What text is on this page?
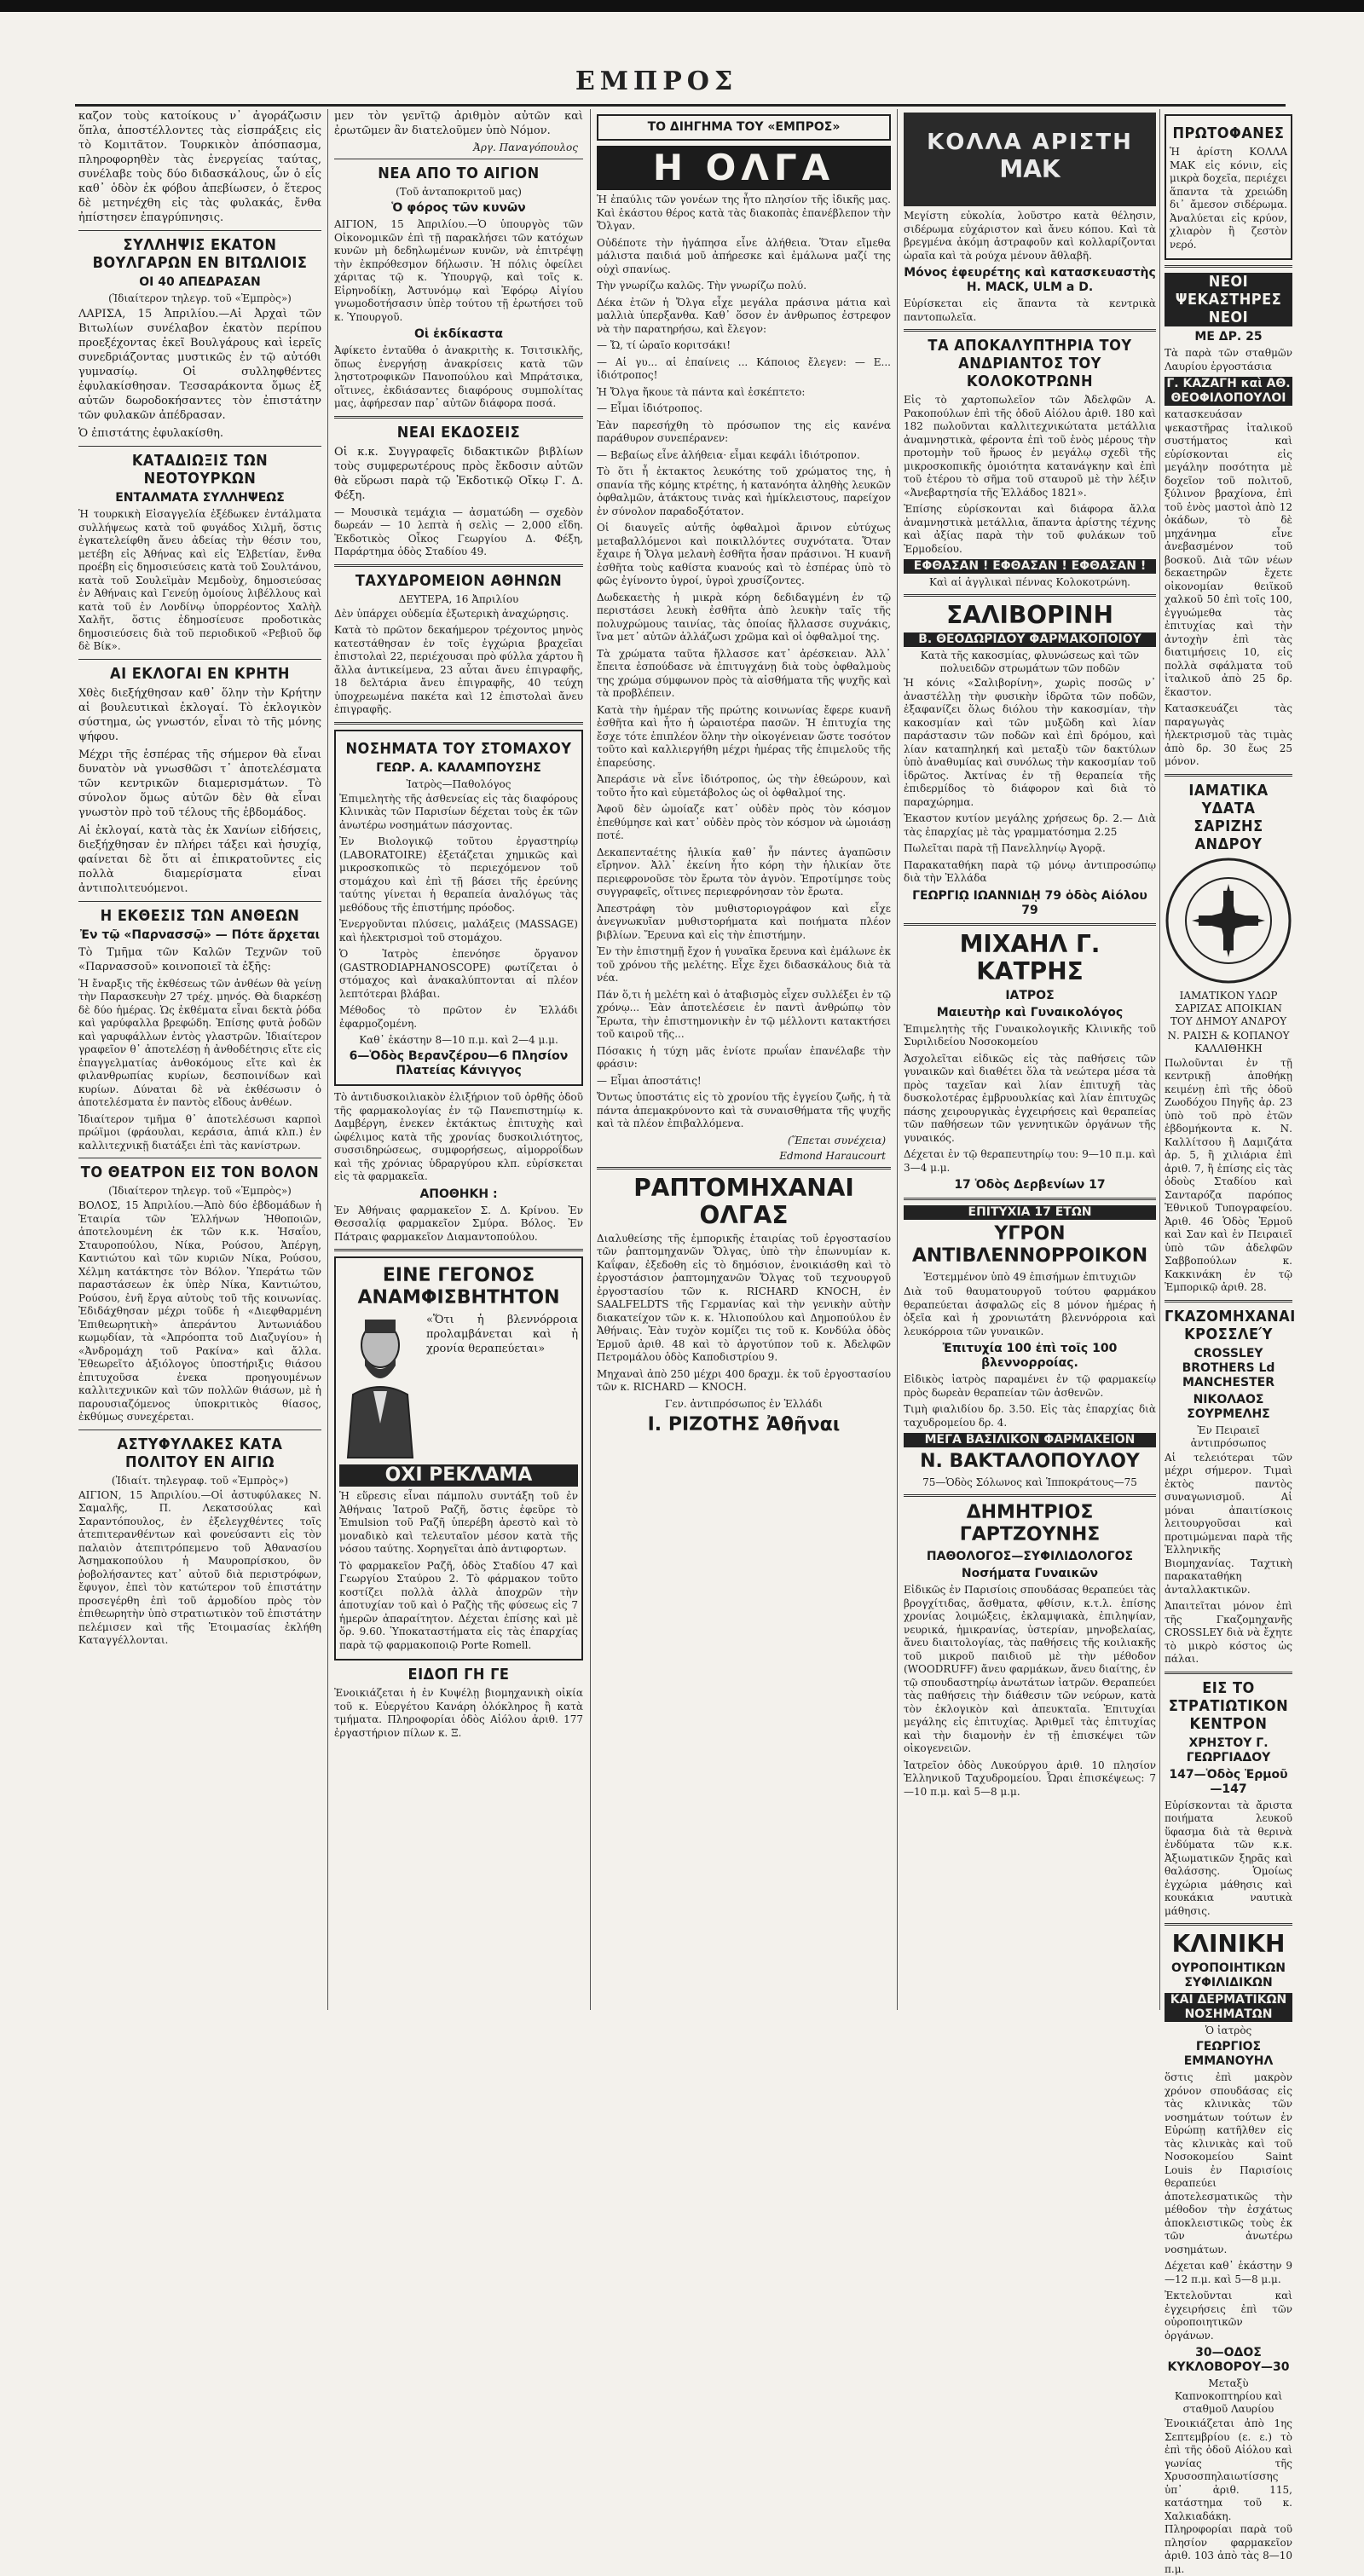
ΕΜΠΡΟΣ

καζον τοὺς κατοίκους ν᾽ ἀγοράζωσιν ὅπλα, ἀποστέλλοντες τὰς εἰσπράξεις εἰς τὸ Κομιτᾶτον. Τουρκικὸν ἀπόσπασμα, πληροφορηθὲν τὰς ἐνεργείας ταύτας, συνέλαβε τοὺς δύο διδασκάλους, ὧν ὁ εἷς καθ᾽ ὁδὸν ἐκ φόβου ἀπεβίωσεν, ὁ ἕτερος δὲ μετηνέχθη εἰς τὰς φυλακάς, ἔνθα ἠπίστησεν ἐπαγρύπνησις.

ΣΥΛΛΗΨΙΣ ΕΚΑΤΟΝ ΒΟΥΛΓΑΡΩΝ ΕΝ ΒΙΤΩΛΙΟΙΣ
ΟΙ 40 ΑΠΕΔΡΑΣΑΝ
(Ἰδιαίτερον τηλεγρ. τοῦ «Ἐμπρὸς»)

ΛΑΡΙΣΑ, 15 Ἀπριλίου.—Αἱ Ἀρχαὶ τῶν Βιτωλίων συνέλαβον ἑκατὸν περίπου προεξέχοντας ἐκεῖ Βουλγάρους καὶ ἱερεῖς συνεδριάζοντας μυστικῶς ἐν τῷ αὐτόθι γυμνασίῳ. Οἱ συλληφθέντες ἐφυλακίσθησαν. Τεσσαράκοντα ὅμως ἐξ αὐτῶν δωροδοκήσαντες τὸν ἐπιστάτην τῶν φυλακῶν ἀπέδρασαν.

Ὁ ἐπιστάτης ἐφυλακίσθη.

ΚΑΤΑΔΙΩΞΙΣ ΤΩΝ ΝΕΟΤΟΥΡΚΩΝ
ΕΝΤΑΛΜΑΤΑ ΣΥΛΛΗΨΕΩΣ

Ἡ τουρκικὴ Εἰσαγγελία ἐξέδωκεν ἐντάλματα συλλήψεως κατὰ τοῦ φυγάδος Χιλμῆ, ὅστις ἐγκατελείφθη ἄνευ ἀδείας τὴν θέσιν του, μετέβη εἰς Ἀθήνας καὶ εἰς Ἑλβετίαν, ἔνθα προέβη εἰς δημοσιεύσεις κατὰ τοῦ Σουλτάνου, κατὰ τοῦ Σουλεϊμὰν Μεμδοὺχ, δημοσιεύσας ἐν Ἀθήναις καὶ Γενεύῃ ὁμοίους λιβέλλους καὶ κατὰ τοῦ ἐν Λονδίνῳ ὑπορρέοντος Χαλὴλ Χαλῆτ, ὅστις ἐδημοσίευσε προδοτικὰς δημοσιεύσεις διὰ τοῦ περιοδικοῦ «Ρεβιοῦ ὅφ δὲ Βίκ».

ΑΙ ΕΚΛΟΓΑΙ ΕΝ ΚΡΗΤΗ

Χθὲς διεξήχθησαν καθ᾽ ὅλην τὴν Κρήτην αἱ βουλευτικαὶ ἐκλογαί. Τὸ ἐκλογικὸν σύστημα, ὡς γνωστόν, εἶναι τὸ τῆς μόνης ψήφου.

Μέχρι τῆς ἑσπέρας τῆς σήμερον θὰ εἶναι δυνατὸν νὰ γνωσθῶσι τ᾽ ἀποτελέσματα τῶν κεντρικῶν διαμερισμάτων. Τὸ σύνολον ὅμως αὐτῶν δὲν θὰ εἶναι γνωστὸν πρὸ τοῦ τέλους τῆς ἑβδομάδος.

Αἱ ἐκλογαί, κατὰ τὰς ἐκ Χανίων εἰδήσεις, διεξήχθησαν ἐν πλήρει τάξει καὶ ἡσυχίᾳ, φαίνεται δὲ ὅτι αἱ ἐπικρατοῦντες εἰς πολλὰ διαμερίσματα εἶναι ἀντιπολιτευόμενοι.

Η ΕΚΘΕΣΙΣ ΤΩΝ ΑΝΘΕΩΝ
Ἐν τῷ «Παρνασσῷ» — Πότε ἄρχεται

Τὸ Τμῆμα τῶν Καλῶν Τεχνῶν τοῦ «Παρνασσοῦ» κοινοποιεῖ τὰ ἑξῆς:

Ἡ ἔναρξις τῆς ἐκθέσεως τῶν ἀνθέων θὰ γείνῃ τὴν Παρασκευὴν 27 τρέχ. μηνός. Θὰ διαρκέσῃ δὲ δύο ἡμέρας. Ὡς ἐκθέματα εἶναι δεκτὰ ῥόδα καὶ γαρύφαλλα βρεφώδη. Ἐπίσης φυτὰ ῥοδῶν καὶ γαρυφάλλων ἐντὸς γλαστρῶν. Ἰδιαίτερον γραφεῖον θ᾽ ἀποτελέσῃ ἡ ἀνθοδέτησις εἴτε εἰς ἐπαγγελματίας ἀνθοκόμους εἴτε καὶ ἐκ φιλανθρωπίας κυρίων, δεσποινίδων καὶ κυρίων. Δύναται δὲ νὰ ἐκθέσωσιν ὁ ἀποτελέσματα ἐν παντὸς εἴδους ἀνθέων.

Ἰδιαίτερον τμῆμα θ᾽ ἀποτελέσωσι καρποὶ πρώϊμοι (φράουλαι, κεράσια, ἀπιά κλπ.) ἐν καλλιτεχνικῇ διατάξει ἐπὶ τὰς κανίστρων.

ΤΟ ΘΕΑΤΡΟΝ ΕΙΣ ΤΟΝ ΒΟΛΟΝ
(Ἰδιαίτερον τηλεγρ. τοῦ «Ἐμπρὸς»)

ΒΟΛΟΣ, 15 Ἀπριλίου.—Ἀπὸ δύο ἑβδομάδων ἡ Ἑταιρία τῶν Ἑλλήνων Ἠθοποιῶν, ἀποτελουμένη ἐκ τῶν κ.κ. Ἠσαΐου, Σταυροπούλου, Νίκα, Ρούσου, Ἀπέργη, Καντιώτου καὶ τῶν κυριῶν Νίκα, Ρούσου, Χέλμη κατάκτησε τὸν Βόλον. Ὑπεράτω τῶν παραστάσεων ἐκ ὑπὲρ Νίκα, Καντιώτου, Ρούσου, ἐνῆ ἔργα αὐτοὺς τοῦ τῆς κοινωνίας. Ἐδιδάχθησαν μέχρι τοῦδε ἡ «Διεφθαρμένη Ἐπιθεωρητικὴ» ἀπεράντου Ἀντωνιάδου κωμῳδίαν, τὰ «Ἀπρόοπτα τοῦ Διαζυγίου» ἡ «Ἀνδρομάχη τοῦ Ρακίνα» καὶ ἄλλα. Ἐθεωρεῖτο ἀξιόλογος ὑποστήριξις θιάσου ἐπιτυχοῦσα ἐνεκα προηγουμένων καλλιτεχνικῶν καὶ τῶν πολλῶν θιάσων, μὲ ἡ παρουσιαζόμενος ὑποκριτικὸς θίασος, ἐκθύμως συνεχέρεται.

ΑΣΤΥΦΥΛΑΚΕΣ ΚΑΤΑ ΠΟΛΙΤΟΥ ΕΝ ΑΙΓΙΩ
(Ἰδιαίτ. τηλεγραφ. τοῦ «Ἐμπρὸς»)

ΑΙΓΙΟΝ, 15 Ἀπριλίου.—Οἱ ἀστυφύλακες Ν. Σαμαλῆς, Π. Λεκατσούλας καὶ Σαραντόπουλος, ἐν ἐξελεγχθέντες τοῖς ἀτεπιτερανθέντων καὶ φονεύσαντι εἰς τὸν παλαιὸν ἀτεπιτρόπεμενο τοῦ Ἀθανασίου Ἀσημακοπούλου ἡ Μαυροπρίσκου, ὃν ῥοβολήσαντες κατ᾽ αὐτοῦ διὰ περιστρόφων, ἔφυγον, ἐπεὶ τὸν κατώτερον τοῦ ἐπιστάτην προσεγέρθη ἐπὶ τοῦ ἀρμοδίου πρὸς τὸν ἐπιθεωρητὴν ὑπὸ στρατιωτικὸν τοῦ ἐπιστάτην πελέμισεν καὶ τῆς Ἑτοιμασίας ἐκλήθη Καταγγέλλονται.

μεν τὸν γενῖτῷ ἀριθμὸν αὐτῶν καὶ ἐρωτῶμεν ἂν διατελοῦμεν ὑπὸ Νόμον.

Ἀργ. Παναγόπουλος
ΝΕΑ ΑΠΟ ΤΟ ΑΙΓΙΟΝ
(Τοῦ ἀνταποκριτοῦ μας)
Ὁ φόρος τῶν κυνῶν

ΑΙΓΙΟΝ, 15 Ἀπριλίου.—Ὁ ὑπουργὸς τῶν Οἰκονομικῶν ἐπὶ τῇ παρακλήσει τῶν κατόχων κυνῶν μὴ δεδηλωμένων κυνῶν, νὰ ἐπιτρέψῃ τὴν ἐκπρόθεσμον δήλωσιν. Ἡ πόλις ὀφείλει χάριτας τῷ κ. Ὑπουργῷ, καὶ τοῖς κ. Εἰρηνοδίκῃ, Ἀστυνόμῳ καὶ Ἐφόρῳ Αἰγίου γνωμοδοτήσασιν ὑπὲρ τούτου τῇ ἐρωτήσει τοῦ κ. Ὑπουργοῦ.

Οἱ ἐκδίκαστα

Ἀφίκετο ἐνταῦθα ὁ ἀνακριτὴς κ. Τσιτσικλῆς, ὅπως ἐνεργήσῃ ἀνακρίσεις κατὰ τῶν ληστοτροφικῶν Πανοπούλου καὶ Μπράτσικα, οἵτινες, ἐκδιάσαντες διαφόρους συμπολίτας μας, ἀφήρεσαν παρ᾽ αὐτῶν διάφορα ποσά.

ΝΕΑΙ ΕΚΔΟΣΕΙΣ

Οἱ κ.κ. Συγγραφεῖς διδακτικῶν βιβλίων τοὺς συμφερωτέρους πρὸς ἔκδοσιν αὐτῶν θὰ εὕρωσι παρὰ τῷ Ἐκδοτικῷ Οἴκῳ Γ. Δ. Φέξη.

— Μουσικὰ τεμάχια — ἀσματώδη — σχεδὸν δωρεάν — 10 λεπτὰ ἡ σελὶς — 2,000 εἴδη. Ἐκδοτικὸς Οἶκος Γεωργίου Δ. Φέξη, Παράρτημα ὁδὸς Σταδίου 49.

ΤΑΧΥΔΡΟΜΕΙΟΝ ΑΘΗΝΩΝ
ΔΕΥΤΕΡΑ, 16 Ἀπριλίου

Δὲν ὑπάρχει οὐδεμία ἐξωτερικὴ ἀναχώρησις.

Κατὰ τὸ πρῶτον δεκαήμερον τρέχοντος μηνὸς κατεστάθησαν ἐν τοῖς ἐγχώρια βραχεῖαι ἐπιστολαὶ 22, περιέχουσαι πρὸ φύλλα χάρτου ἢ ἄλλα ἀντικείμενα, 23 αὗται ἄνευ ἐπιγραφῆς, 18 δελτάρια ἄνευ ἐπιγραφῆς, 40 τεύχη ὑποχρεωμένα πακέτα καὶ 12 ἐπιστολαὶ ἄνευ ἐπιγραφῆς.

ΝΟΣΗΜΑΤΑ ΤΟΥ ΣΤΟΜΑΧΟΥ
ΓΕΩΡ. Α. ΚΑΛΑΜΠΟΥΣΗΣ
Ἰατρὸς—Παθολόγος

Ἐπιμελητὴς τῆς ἀσθενείας εἰς τὰς διαφόρους Κλινικὰς τῶν Παρισίων δέχεται τοὺς ἐκ τῶν ἀνωτέρω νοσημάτων πάσχοντας.

Ἐν Βιολογικῷ τοῦτου ἐργαστηρίῳ (LABORATOIRE) ἐξετάζεται χημικῶς καὶ μικροσκοπικῶς τὸ περιεχόμενον τοῦ στομάχου καὶ ἐπὶ τῇ βάσει τῆς ἐρεύνης ταύτης γίνεται ἡ θεραπεία ἀναλόγως τὰς μεθόδους τῆς ἐπιστήμης πρόοδος.

Ἐνεργοῦνται πλύσεις, μαλάξεις (MASSAGE) καὶ ἠλεκτρισμοὶ τοῦ στομάχου.

Ὁ Ἰατρὸς ἐπενόησε ὄργανον (GASTRODIAPHANOSCOPE) φωτίζεται ὁ στόμαχος καὶ ἀνακαλύπτονται αἱ πλέον λεπτότεραι βλάβαι.

Μέθοδος τὸ πρῶτον ἐν Ἑλλάδι ἐφαρμοζομένη.

Καθ᾽ ἑκάστην 8—10 π.μ. καὶ 2—4 μ.μ.
6—Ὁδὸς Βερανζέρου—6 Πλησίον Πλατείας Κάνιγγος

Τὸ ἀντιδυσκοιλιακὸν ἐλιξήριον τοῦ ὀρθῆς ὁδοῦ τῆς φαρμακολογίας ἐν τῷ Πανεπιστημίῳ κ. Δαμβέργη, ἐνεκεν ἐκτάκτως ἐπιτυχὴς καὶ ὠφέλιμος κατὰ τῆς χρονίας δυσκοιλιότητος, συσσιδηρώσεως, συμφορήσεως, αἱμορροΐδων καὶ τῆς χρόνιας ὑδραργύρου κλπ. εὑρίσκεται εἰς τὰ φαρμακεῖα.

ΑΠΟΘΗΚΗ :

Ἐν Ἀθήναις φαρμακεῖον Σ. Δ. Κρίνου. Ἐν Θεσσαλίᾳ φαρμακεῖον Σμύρα. Βόλος. Ἐν Πάτραις φαρμακεῖον Διαμαντοπούλου.

ΕΙΝΕ ΓΕΓΟΝΟΣ ΑΝΑΜΦΙΣΒΗΤΗΤΟΝ

«Ὅτι ἡ βλεννόρροια προλαμβάνεται καὶ ἡ χρονία θεραπεύεται»

ΟΧΙ ΡΕΚΛΑΜΑ

Ἡ εὕρεσις εἶναι πάμπολυ συντάξη τοῦ ἐν Ἀθήναις Ἰατροῦ Ραζῆ, ὅστις ἐφεῦρε τὸ Ἐmulsion τοῦ Ραζῆ ὑπερέβη ἀρεστὸ καὶ τὸ μοναδικὸ καὶ τελευταῖον μέσον κατὰ τῆς νόσου ταύτης. Χορηγεῖται ἀπὸ ἀντιφορτων.

Τὸ φαρμακεῖον Ραζῆ, ὁδὸς Σταδίου 47 καὶ Γεωργίου Σταύρου 2. Τὸ φάρμακον τοῦτο κοστίζει πολλὰ ἀλλὰ ἀποχρῶν τὴν ἀποτυχίαν τοῦ καὶ ὁ Ραζὴς τῆς φύσεως εἰς 7 ἡμερῶν ἀπαραίτητον. Δέχεται ἐπίσης καὶ μὲ ὅρ. 9.60. Ὑποκαταστήματα εἰς τὰς ἐπαρχίας παρὰ τῷ φαρμακοποιῷ Porte Romell.

ΕΙΔΟΠ ΓΗ ΓΕ

Ἐνοικιάζεται ἡ ἐν Κυψέλῃ βιομηχανικὴ οἰκία τοῦ κ. Εὐεργέτου Κανάρη ὁλόκληρος ἢ κατὰ τμήματα. Πληροφορίαι ὁδὸς Αἰόλου ἀριθ. 177 ἐργαστήριον πίλων κ. Ξ.

ΤΟ ΔΙΗΓΗΜΑ ΤΟΥ «ΕΜΠΡΟΣ»
Η ΟΛΓΑ

Ἡ ἐπαύλις τῶν γονέων της ἦτο πλησίον τῆς ἰδικῆς μας. Καὶ ἑκάστου θέρος κατὰ τὰς διακοπὰς ἐπανέβλεπον τὴν Ὄλγαν.

Οὐδέποτε τὴν ἠγάπησα εἶνε ἀλήθεια. Ὅταν εἴμεθα μάλιστα παιδιά μοῦ ἀπήρεσκε καὶ ἐμάλωνα μαζί της οὐχὶ σπανίως.

Τὴν γνωρίζω καλῶς. Τὴν γνωρίζω πολύ.

Δέκα ἐτῶν ἡ Ὄλγα εἶχε μεγάλα πράσινα μάτια καὶ μαλλιὰ ὑπερξανθα. Καθ᾽ ὅσον ἐν ἀνθρωπος ἐστρεφον νὰ τὴν παρατηρήσω, καὶ ἔλεγον:

— Ὤ, τί ὡραῖο κοριτσάκι!

— Αἱ γυ... αἱ ἐπαίνεις ... Κάποιος ἔλεγεν: — Ε... ἰδιότροπος!

Ἡ Ὄλγα ἤκουε τὰ πάντα καὶ ἐσκέπτετο:

— Εἶμαι ἰδιότροπος.

Ἐὰν παρεσήχθη τὸ πρόσωπον της εἰς κανένα παράθυρον συνεπέρανεν:

— Βεβαίως εἶνε ἀλήθεια· εἶμαι κεφάλι ἰδιότροπον.

Τὸ ὅτι ἦ ἐκτακτος λευκότης τοῦ χρώματος της, ἡ σπανία τῆς κόμης κτρέτης, ἡ κατανόητα ἀληθὴς λευκῶν ὀφθαλμῶν, ἀτάκτους τινὰς καὶ ἡμίκλειστους, παρείχον ἐν σύνολον παραδοξότατον.

Οἱ διαυγεῖς αὐτῆς ὀφθαλμοὶ ἄρινον εὐτύχως μεταβαλλόμενοι καὶ ποικιλλόντες συχνότατα. Ὅταν ἔχαιρε ἡ Ὄλγα μελανὴ ἐσθῆτα ἦσαν πράσινοι. Ἡ κυανῆ ἐσθῆτα τοὺς καθίστα κυανούς καὶ τὸ ἐσπέρας ὑπὸ τὸ φῶς ἐγίνοντο ὑγροί, ὑγροὶ χρυσίζοντες.

Δωδεκαετὴς ἡ μικρὰ κόρη δεδιδαγμένη ἐν τῷ περιστάσει λευκὴ ἐσθῆτα ἀπὸ λευκὴν ταῖς τῆς πολυχρώμους ταινίας, τὰς ὁποίας ἤλλασσε συχνάκις, ἵνα μετ᾽ αὐτῶν ἀλλάζωσι χρῶμα καὶ οἱ ὀφθαλμοί της.

Τὰ χρώματα ταῦτα ἤλλασσε κατ᾽ ἀρέσκειαν. Ἀλλ᾽ ἔπειτα ἐσπούδασε νὰ ἐπιτυγχάνῃ διὰ τοὺς ὀφθαλμοὺς της χρώμα σύμφωνον πρὸς τὰ αἰσθήματα τῆς ψυχῆς καὶ τὰ προβλέπειν.

Κατὰ τὴν ἡμέραν τῆς πρώτης κοινωνίας ἔφερε κυανῆ ἐσθῆτα καὶ ἦτο ἡ ὡραιοτέρα πασῶν. Ἡ ἐπιτυχία της ἔσχε τότε ἐπιπλέον ὅλην τὴν οἰκογένειαν ὥστε τοσότον τοῦτο καὶ καλλιεργήθη μέχρι ἡμέρας τῆς ἐπιμελοῦς τῆς ἐπαρεύσης.

Ἀπεράσιε νὰ εἶνε ἰδιότροπος, ὡς τὴν ἐθεώρουν, καὶ τοῦτο ἦτο καὶ εὐμετάβολος ὡς οἱ ὀφθαλμοί της.

Ἀφοῦ δὲν ὡμοίαζε κατ᾽ οὐδὲν πρὸς τὸν κόσμον ἐπεθύμησε καὶ κατ᾽ οὐδὲν πρὸς τὸν κόσμον νὰ ὡμοιάσῃ ποτέ.

Δεκαπενταέτης ἡλικία καθ᾽ ἦν πάντες ἀγαπῶσιν εἴρηνον. Ἀλλ᾽ ἐκείνη ἦτο κόρη τὴν ἡλικίαν ὅτε περιεφρονοῦσε τὸν ἔρωτα τὸν ἀγνὸν. Ἐπροτίμησε τοὺς συγγραφεῖς, οἵτινες περιεφρόνησαν τὸν ἔρωτα.

Ἀπεστράφη τὸν μυθιστοριογράφον καὶ εἶχε ἀνεγνωκυῖαν μυθιστορήματα καὶ ποιήματα πλέον βιβλίων. Ἔρευνα καὶ εἰς τὴν ἐπιστήμην.

Ἐν τὴν ἐπιστημῇ ἔχον ἡ γυναῖκα ἔρευνα καὶ ἐμάλωνε ἐκ τοῦ χρόνου τῆς μελέτης. Εἶχε ἔχει διδασκάλους διὰ τὰ νέα.

Πάν ὅ,τι ἡ μελέτη καὶ ὁ ἀταβισμὸς εἶχεν συλλέξει ἐν τῷ χρόνῳ... Ἐὰν ἀποτελέσειε ἐν παντὶ ἀνθρώπῳ τὸν Ἔρωτα, τὴν ἐπιστημονικὴν ἐν τῷ μέλλοντι κατακτήσει τοῦ καιροῦ τῆς...

Πόσακις ἡ τύχη μᾶς ἐνίοτε πρωΐαν ἐπανέλαβε τὴν φράσιν:

— Εἶμαι ἀποστάτις!

Ὄντως ὑποστάτις εἰς τὸ χρονίου τῆς ἐγγείου ζωῆς, ἡ τὰ πάντα ἀπεμακρύνοντο καὶ τὰ συναισθήματα τῆς ψυχῆς καὶ τὰ πλέον ἐπιβαλλόμενα.

(Ἕπεται συνέχεια)
Edmond Haraucourt
ΡΑΠΤΟΜΗΧΑΝΑΙ ΟΛΓΑΣ

Διαλυθείσης τῆς ἐμπορικῆς ἑταιρίας τοῦ ἐργοστασίου τῶν ῥαπτομηχανῶν Ὄλγας, ὑπὸ τὴν ἐπωνυμίαν κ. Καΐφαν, ἐξεδοθη εἰς τὸ δημόσιον, ἐνοικιάσθη καὶ τὸ ἐργοστάσιον ῥαπτομηχανῶν Ὄλγας τοῦ τεχνουργοῦ ἐργοστασίου τῶν κ. RICHARD KNOCH, ἐν SAALFELDTS τῆς Γερμανίας καὶ τὴν γενικὴν αὐτὴν διακατείχον τῶν κ. κ. Ἠλιοπούλου καὶ Δημοπούλου ἐν Ἀθήναις. Ἐὰν τυχὸν κομίζει τις τοῦ κ. Κονδύλα ὁδὸς Ἑρμοῦ ἀριθ. 48 καὶ τὸ ἀργοτύπον τοῦ κ. Ἀδελφῶν Πετρομάλου ὁδὸς Καποδιστρίου 9.

Μηχαναὶ ἀπὸ 250 μέχρι 400 δραχμ. ἐκ τοῦ ἐργοστασίου τῶν κ. RICHARD — KNOCH.

Γεν. ἀντιπρόσωπος ἐν Ἑλλάδι
Ι. ΡΙΖΟΤΗΣ Ἀθῆναι
ΚΟΛΛΑ ΑΡΙΣΤΗ
ΜΑΚ

Μεγίστη εὐκολία, λοῦστρο κατὰ θέλησιν, σιδέρωμα εὐχάριστον καὶ ἄνευ κόπου. Καὶ τὰ βρεγμένα ἀκόμη ἀστραφοῦν καὶ κολλαρίζονται ὡραῖα καὶ τὰ ρούχα μένουν ἄθλαβῆ.

Μόνος ἐφευρέτης καὶ κατασκευαστὴς H. MACK, ULM a D.

Εὑρίσκεται εἰς ἅπαντα τὰ κεντρικὰ παντοπωλεῖα.

ΤΑ ΑΠΟΚΑΛΥΠΤΗΡΙΑ ΤΟΥ ΑΝΔΡΙΑΝΤΟΣ ΤΟΥ ΚΟΛΟΚΟΤΡΩΝΗ

Εἰς τὸ χαρτοπωλεῖον τῶν Ἀδελφῶν Α. Ρακοπούλων ἐπὶ τῆς ὁδοῦ Αἰόλου ἀριθ. 180 καὶ 182 πωλοῦνται καλλιτεχνικώτατα μετάλλια ἀναμνηστικὰ, φέροντα ἐπὶ τοῦ ἑνὸς μέρους τὴν προτομὴν τοῦ ἥρωος ἐν μεγάλῳ σχεδὶ τῆς μικροσκοπικῆς ὁμοιότητα κατανάγκην καὶ ἐπὶ τοῦ ἑτέρου τὸ σῆμα τοῦ σταυροῦ μὲ τὴν λέξιν «Ἀνεβαρτησία τῆς Ἑλλάδος 1821».

Ἐπίσης εὑρίσκονται καὶ διάφορα ἄλλα ἀναμνηστικὰ μετάλλια, ἅπαντα ἀρίστης τέχνης καὶ ἀξίας παρὰ τὴν τοῦ φυλάκων τοῦ Ἐρμοδείου.

ΕΦΘΑΣΑΝ ! ΕΦΘΑΣΑΝ ! ΕΦΘΑΣΑΝ !
Καὶ αἱ ἀγγλικαὶ πέννας Κολοκοτρώνη.
ΣΑΛΙΒΟΡΙΝΗ
Β. ΘΕΟΔΩΡΙΔΟΥ ΦΑΡΜΑΚΟΠΟΙΟΥ
Κατὰ τῆς κακοσμίας, φλυνώσεως καὶ τῶν πολυειδῶν στρωμάτων τῶν ποδῶν

Ἡ κόνις «Σαλιβορίνη», χωρὶς ποσῶς ν᾽ ἀναστέλλῃ τὴν φυσικὴν ἱδρῶτα τῶν ποδῶν, ἐξαφανίζει ὅλως διόλου τὴν κακοσμίαν, τὴν κακοσμίαν καὶ τῶν μυξῶδη καὶ λίαν παράστασιν τῶν ποδῶν καὶ ἐπὶ δρόμου, καὶ λίαν καταπηληκή καὶ μεταξὺ τῶν δακτύλων ὑπὸ ἀναθυμίας καὶ συνόλως τὴν κακοσμίαν τοῦ ἱδρῶτος. Ἀκτίνας ἐν τῇ θεραπεία τῆς ἐπιδερμίδος τὸ διάφορον καὶ διὰ τὸ παραχώρημα.

Ἑκαστον κυτίον μεγάλης χρήσεως δρ. 2.— Διὰ τὰς ἐπαρχίας μὲ τὰς γραμματόσημα 2.25

Πωλεῖται παρὰ τῇ Πανελληνίῳ Ἀγορᾷ.

Παρακαταθήκη παρὰ τῷ μόνῳ ἀντιπροσώπῳ διὰ τὴν Ἑλλάδα

ΓΕΩΡΓΙῼ ΙΩΑΝΝΙΔῌ 79 ὁδὸς Αἰόλου 79
ΜΙΧΑΗΛ Γ. ΚΑΤΡΗΣ
ΙΑΤΡΟΣ
Μαιευτὴρ καὶ Γυναικολόγος

Ἐπιμελητὴς τῆς Γυναικολογικῆς Κλινικῆς τοῦ Συριλιδείου Νοσοκομείου

Ἀσχολεῖται εἰδικῶς εἰς τὰς παθήσεις τῶν γυναικῶν καὶ διαθέτει ὅλα τὰ νεώτερα μέσα τὰ πρὸς ταχεῖαν καὶ λίαν ἐπιτυχῆ τὰς δυσκολοτέρας ἐμβρυουλκίας καὶ λίαν ἐπιτυχῶς πάσης χειρουργικὰς ἐγχειρήσεις καὶ θεραπείας τῶν παθήσεων τῶν γεννητικῶν ὀργάνων τῆς γυναικός.

Δέχεται ἐν τῷ θεραπευτηρίῳ του: 9—10 π.μ. καὶ 3—4 μ.μ.

17 Ὁδὸς Δερβενίων 17
ΕΠΙΤΥΧΙΑ 17 ΕΤΩΝ
ΥΓΡΟΝ ΑΝΤΙΒΛΕΝΝΟΡΡΟΙΚΟΝ
Ἐστεμμένον ὑπὸ 49 ἐπισήμων ἐπιτυχιῶν

Διὰ τοῦ θαυματουργοῦ τούτου φαρμάκου θεραπεύεται ἀσφαλῶς εἰς 8 μόνον ἡμέρας ἡ ὀξεῖα καὶ ἡ χρονιωτάτη βλεννόρροια καὶ λευκόρροια τῶν γυναικῶν.

Ἐπιτυχία 100 ἐπὶ τοῖς 100 βλεννορροίας.

Εἰδικὸς ἰατρὸς παραμένει ἐν τῷ φαρμακείῳ πρὸς δωρεὰν θεραπείαν τῶν ἀσθενῶν.

Τιμὴ φιαλιδίου δρ. 3.50. Εἰς τὰς ἐπαρχίας διὰ ταχυδρομείου δρ. 4.

ΜΕΓΑ ΒΑΣΙΛΙΚΟΝ ΦΑΡΜΑΚΕΙΟΝ
Ν. ΒΑΚΤΑΛΟΠΟΥΛΟΥ
75—Ὁδὸς Σόλωνος καὶ Ἱπποκράτους—75
ΔΗΜΗΤΡΙΟΣ ΓΑΡΤΖΟΥΝΗΣ
ΠΑΘΟΛΟΓΟΣ—ΣΥΦΙΛΙΔΟΛΟΓΟΣ
Νοσήματα Γυναικῶν

Εἰδικῶς ἐν Παρισίοις σπουδάσας θεραπεύει τὰς βρογχίτιδας, ἄσθματα, φθίσιν, κ.τ.λ. ἐπίσης χρονίας λοιμώξεις, ἐκλαμψιακὰ, ἐπιληψίαν, νευρικά, ἡμικρανίας, ὑστερίαν, μηνοβελαίας, ἄνευ διαιτολογίας, τὰς παθήσεις τῆς κοιλιακῆς τοῦ μικροῦ παιδιοῦ μὲ τὴν μέθοδον (WOODRUFF) ἄνευ φαρμάκων, ἄνευ διαίτης, ἐν τῷ σπουδαστηρίῳ ἀνωτάτων ἰατρῶν. Θεραπεύει τὰς παθήσεις τὴν διάθεσιν τῶν νεύρων, κατὰ τὸν ἐκλογικὸν καὶ ἀπευκταῖα. Ἐπιτυχίαι μεγάλης εἰς ἐπιτυχίας. Ἀριθμεῖ τὰς ἐπιτυχίας καὶ τὴν διαμονὴν ἐν τῇ ἐπισκέψει τῶν οἰκογενειῶν.

Ἰατρεῖον ὁδὸς Λυκούργου ἀριθ. 10 πλησίον Ἑλληνικοῦ Ταχυδρομείου. Ὧραι ἐπισκέψεως: 7—10 π.μ. καὶ 5—8 μ.μ.

ΠΡΩΤΟΦΑΝΕΣ

Ἡ ἀρίστη ΚΟΛΛΑ ΜΑΚ εἰς κόνιν, εἰς μικρὰ δοχεῖα, περιέχει ἅπαντα τὰ χρειώδη δι᾽ ἄμεσον σιδέρωμα. Ἀναλύεται εἰς κρύον, χλιαρὸν ἢ ζεστὸν νερό.

ΝΕΟΙ ΨΕΚΑΣΤΗΡΕΣ ΝΕΟΙ
ΜΕ ΔΡ. 25

Τὰ παρὰ τῶν σταθμῶν Λαυρίου ἐργοστάσια

Γ. ΚΑΖΑΓΗ καὶ ΑΘ. ΘΕΟΦΙΛΟΠΟΥΛΟΙ

κατασκευάσαν ψεκαστῆρας ἰταλικοῦ συστήματος καὶ εὑρίσκονται εἰς μεγάλην ποσότητα μὲ δοχεῖον τοῦ πολιτοῦ, ξύλινον βραχίονα, ἐπὶ τοῦ ἑνὸς μαστοὶ ἀπὸ 12 ὀκάδων, τὸ δὲ μηχάνημα εἶνε ἀνεβασμένον τοῦ βοσκοῦ. Διὰ τῶν νέων δεκαετηρῶν ἔχετε οἰκονομίαν θειϊκοῦ χαλκοῦ 50 ἐπὶ τοῖς 100, ἐγγυώμεθα τὰς ἐπιτυχίας καὶ τὴν ἀντοχὴν ἐπὶ τὰς διατιμήσεις 10, εἰς πολλὰ σφάλματα τοῦ ἰταλικοῦ ἀπὸ 25 δρ. ἕκαστον.

Κατασκευάζει τὰς παραγωγὰς ἡλεκτρισμοῦ τὰς τιμὰς ἀπὸ δρ. 30 ἕως 25 μόνον.

ΙΑΜΑΤΙΚΑ ΥΔΑΤΑ ΣΑΡΙΖΗΣ ΑΝΔΡΟΥ
ΙΑΜΑΤΙΚΟΝ ΥΔΩΡ ΣΑΡΙΖΑΣ ΑΠΟΙΚΙΑΝ ΤΟΥ ΔΗΜΟΥ ΑΝΔΡΟΥ
Ν. ΡΑΙΣΗ & ΚΟΠΑΝΟΥ ΚΑΛΛΙΘΗΚΗ

Πωλοῦνται ἐν τῇ κεντρικῇ ἀποθήκῃ κειμένῃ ἐπὶ τῆς ὁδοῦ Ζωοδόχου Πηγῆς ἀρ. 23 ὑπὸ τοῦ πρὸ ἐτῶν ἑβδομήκοντα κ. Ν. Καλλίτσου ἢ Δαμιζάτα ἀρ. 5, ἢ χιλιάρια ἐπὶ ἀριθ. 7, ἢ ἐπίσης εἰς τὰς ὁδοὺς Σταδίου καὶ Σανταρόζα παρόπος Ἐθνικοῦ Τυπογραφείου. Ἀριθ. 46 Ὁδὸς Ἑρμοῦ καὶ Σαν καὶ ἐν Πειραιεῖ ὑπὸ τῶν ἀδελφῶν Σαββοπούλων κ. Κακκινάκη ἐν τῷ Ἐμπορικῷ ἀριθ. 28.

ΓΚΑΖΟΜΗΧΑΝΑΙ ΚΡΟΣΣΛΕΎ
CROSSLEY BROTHERS Ld MANCHESTER
ΝΙΚΟΛΑΟΣ ΣΟΥΡΜΕΛΗΣ
Ἐν Πειραιεῖ ἀντιπρόσωπος

Αἱ τελειότεραι τῶν μέχρι σήμερον. Τιμαὶ ἐκτὸς παντὸς συναγωνισμοῦ. Αἱ μόναι ἀπαιτίσκοις λειτουργοῦσαι καὶ προτιμώμεναι παρὰ τῆς Ἑλληνικῆς Βιομηχανίας. Ταχτικὴ παρακαταθήκη ἀνταλλακτικῶν.

Ἀπαιτεῖται μόνον ἐπὶ τῆς Γκαζομηχανῆς CROSSLEY διὰ νὰ ἔχητε τὸ μικρὸ κόστος ὡς πάλαι.

ΕΙΣ ΤΟ ΣΤΡΑΤΙΩΤΙΚΟΝ ΚΕΝΤΡΟΝ
ΧΡΗΣΤΟΥ Γ. ΓΕΩΡΓΙΑΔΟΥ
147—Ὁδὸς Ἑρμοῦ—147

Εὑρίσκονται τὰ ἄριστα ποιήματα λευκοῦ ὕφασμα διὰ τὰ θερινὰ ἐνδύματα τῶν κ.κ. Ἀξιωματικῶν ξηρᾶς καὶ θαλάσσης. Ὁμοίως ἐγχώρια μάθησις καὶ κουκάκια ναυτικὰ μάθησις.

ΚΛΙΝΙΚΗ
ΟΥΡΟΠΟΙΗΤΙΚΩΝ ΣΥΦΙΛΙΔΙΚΩΝ
ΚΑΙ ΔΕΡΜΑΤΙΚΩΝ ΝΟΣΗΜΑΤΩΝ
Ὁ ἰατρὸς
ΓΕΩΡΓΙΟΣ ΕΜΜΑΝΟΥΗΛ

ὅστις ἐπὶ μακρὸν χρόνον σπουδάσας εἰς τὰς κλινικὰς τῶν νοσημάτων τούτων ἐν Εὐρώπῃ κατῆλθεν εἰς τὰς κλινικὰς καὶ τοῦ Νοσοκομείου Saint Louis ἐν Παρισίοις θεραπεύει ἀποτελεσματικῶς τὴν μέθοδον τὴν ἐσχάτως ἀποκλειστικῶς τοὺς ἐκ τῶν ἀνωτέρω νοσημάτων.

Δέχεται καθ᾽ ἑκάστην 9—12 π.μ. καὶ 5—8 μ.μ.

Ἐκτελοῦνται καὶ ἐγχειρήσεις ἐπὶ τῶν οὐροποιητικῶν ὀργάνων.

30—ΟΔΟΣ ΚΥΚΛΟΒΟΡΟΥ—30
Μεταξὺ Καπνοκοπτηρίου καὶ σταθμοῦ Λαυρίου

Ἐνοικιάζεται ἀπὸ 1ης Σεπτεμβρίου (ε. ε.) τὸ ἐπὶ τῆς ὁδοῦ Αἰόλου καὶ γωνίας τῆς Χρυσοσπηλαιωτίσσης ὑπ᾽ ἀριθ. 115, κατάστημα τοῦ κ. Χαλκιαδάκη. Πληροφορίαι παρὰ τοῦ πλησίον φαρμακεῖον ἀριθ. 103 ἀπὸ τὰς 8—10 π.μ.
